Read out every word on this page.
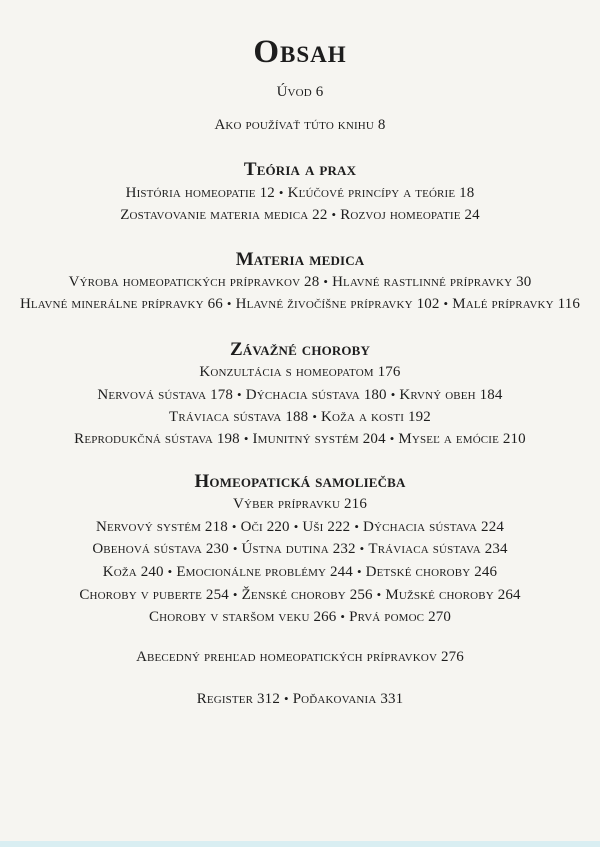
Obsah
Úvod 6
Ako používať túto knihu 8
Teória a prax
História homeopatie 12 • Kľúčové princípy a teórie 18
Zostavovanie materia medica 22 • Rozvoj homeopatie 24
Materia medica
Výroba homeopatických prípravkov 28 • Hlavné rastlinné prípravky 30
Hlavné minerálne prípravky 66 • Hlavné živočíšne prípravky 102 • Malé prípravky 116
Závažné choroby
Konzultácia s homeopatom 176
Nervová sústava 178 • Dýchacia sústava 180 • Krvný obeh 184
Tráviaca sústava 188 • Koža a kosti 192
Reprodukčná sústava 198 • Imunitný systém 204 • Myseľ a emócie 210
Homeopatická samoliečba
Výber prípravku 216
Nervový systém 218 • Oči 220 • Uši 222 • Dýchacia sústava 224
Obehová sústava 230 • Ústna dutina 232 • Tráviaca sústava 234
Koža 240 • Emocionálne problémy 244 • Detské choroby 246
Choroby v puberte 254 • Ženské choroby 256 • Mužské choroby 264
Choroby v staršom veku 266 • Prvá pomoc 270
Abecedný prehľad homeopatických prípravkov 276
Register 312 • Poďakovania 331
